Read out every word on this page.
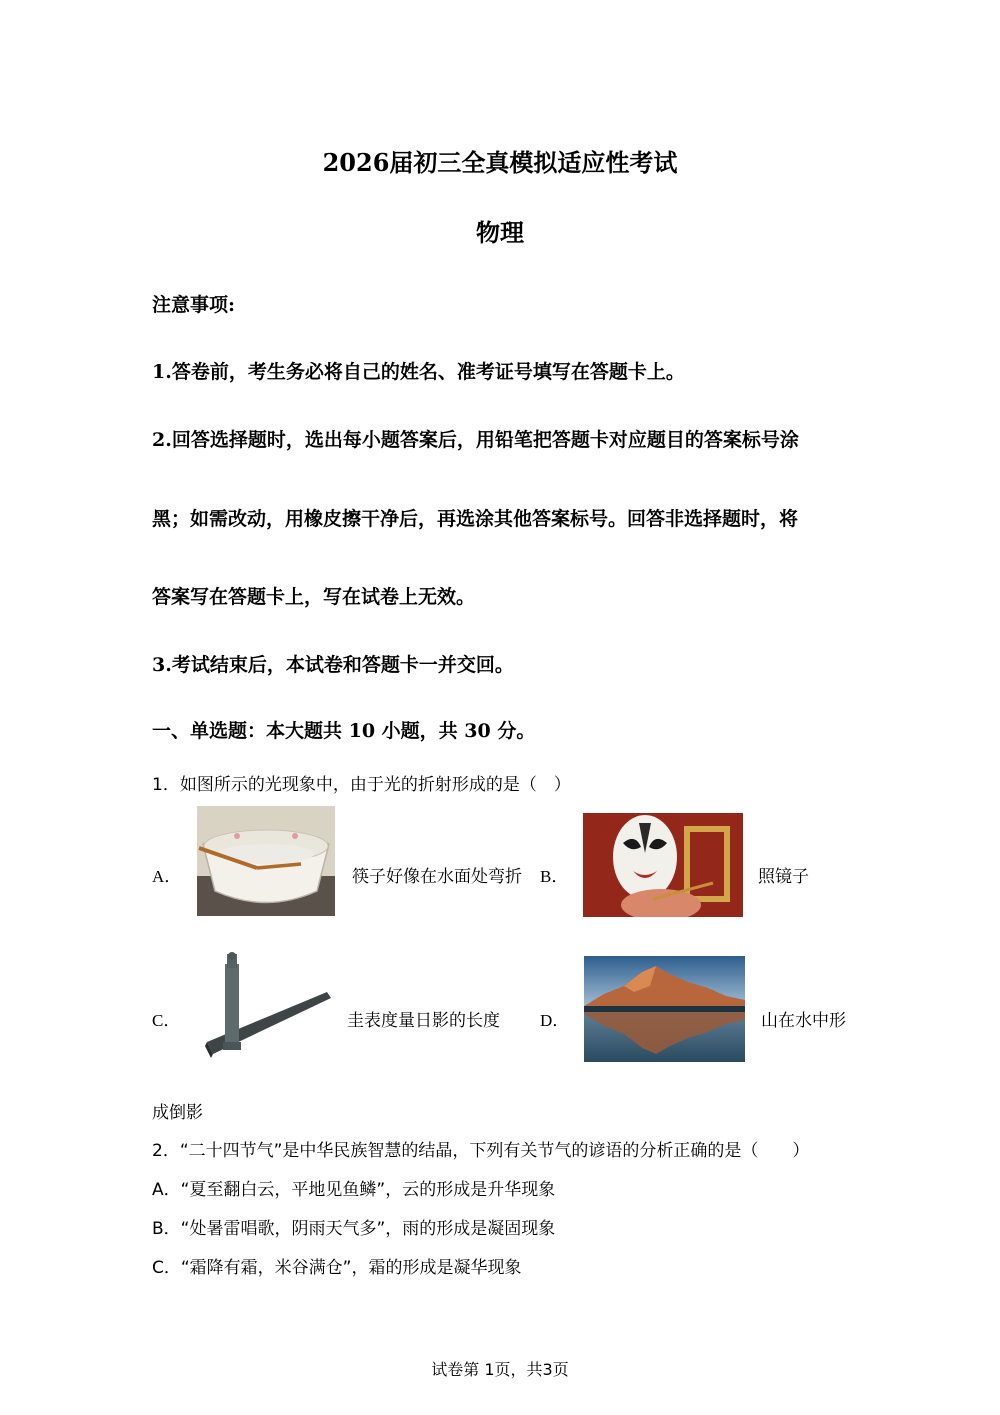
2026届初三全真模拟适应性考试
物理
注意事项:
1.答卷前，考生务必将自己的姓名、准考证号填写在答题卡上。
2.回答选择题时，选出每小题答案后，用铅笔把答题卡对应题目的答案标号涂
黑；如需改动，用橡皮擦干净后，再选涂其他答案标号。回答非选择题时，将
答案写在答题卡上，写在试卷上无效。
3.考试结束后，本试卷和答题卡一并交回。
一、单选题：本大题共 10 小题，共 30 分。
1．如图所示的光现象中，由于光的折射形成的是（　）
A．	筷子好像在水面处弯折 B．	照镜子
C．	圭表度量日影的长度 D．	山在水中形
成倒影
2．“二十四节气”是中华民族智慧的结晶，下列有关节气的谚语的分析正确的是（　　）
A．“夏至翻白云，平地见鱼鳞”，云的形成是升华现象
B．“处暑雷唱歌，阴雨天气多”，雨的形成是凝固现象
C．“霜降有霜，米谷满仓”，霜的形成是凝华现象
试卷第 1页，共3页
